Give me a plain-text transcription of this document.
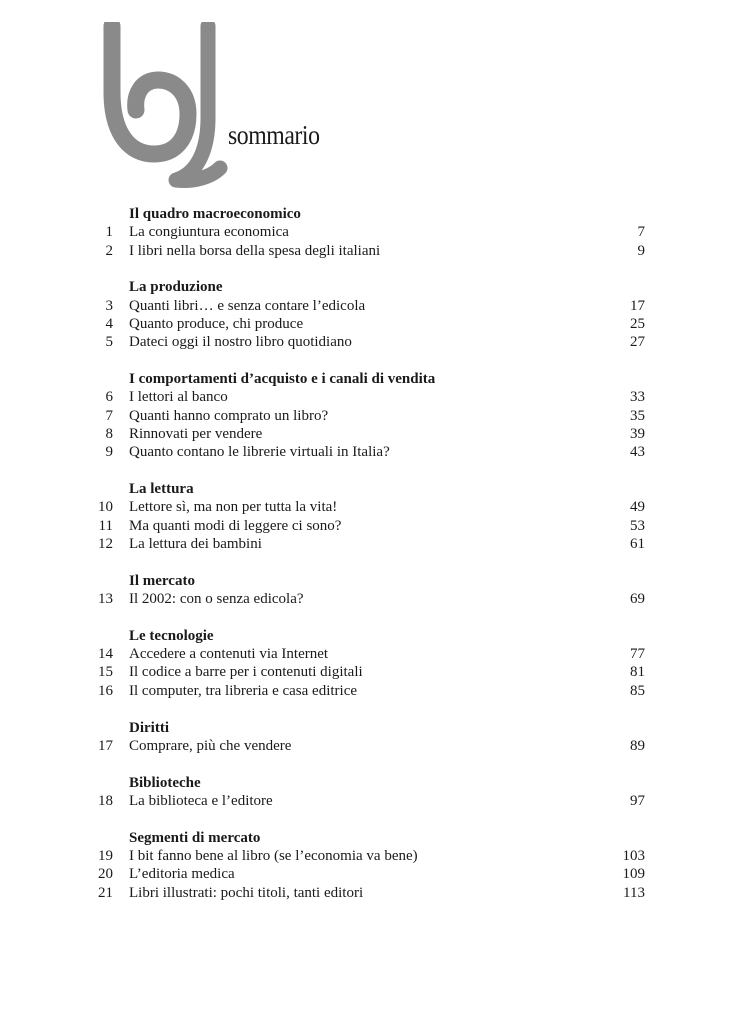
sommario
Il quadro macroeconomico
1 La congiuntura economica	7
2 I libri nella borsa della spesa degli italiani	9
La produzione
3 Quanti libri… e senza contare l’edicola	17
4 Quanto produce, chi produce	25
5 Dateci oggi il nostro libro quotidiano	27
I comportamenti d’acquisto e i canali di vendita
6 I lettori al banco	33
7 Quanti hanno comprato un libro?	35
8 Rinnovati per vendere	39
9 Quanto contano le librerie virtuali in Italia?	43
La lettura
10 Lettore sì, ma non per tutta la vita!	49
11 Ma quanti modi di leggere ci sono?	53
12 La lettura dei bambini	61
Il mercato
13 Il 2002: con o senza edicola?	69
Le tecnologie
14 Accedere a contenuti via Internet	77
15 Il codice a barre per i contenuti digitali	81
16 Il computer, tra libreria e casa editrice	85
Diritti
17 Comprare, più che vendere	89
Biblioteche
18 La biblioteca e l’editore	97
Segmenti di mercato
19 I bit fanno bene al libro (se l’economia va bene)	103
20 L’editoria medica	109
21 Libri illustrati: pochi titoli, tanti editori	113
